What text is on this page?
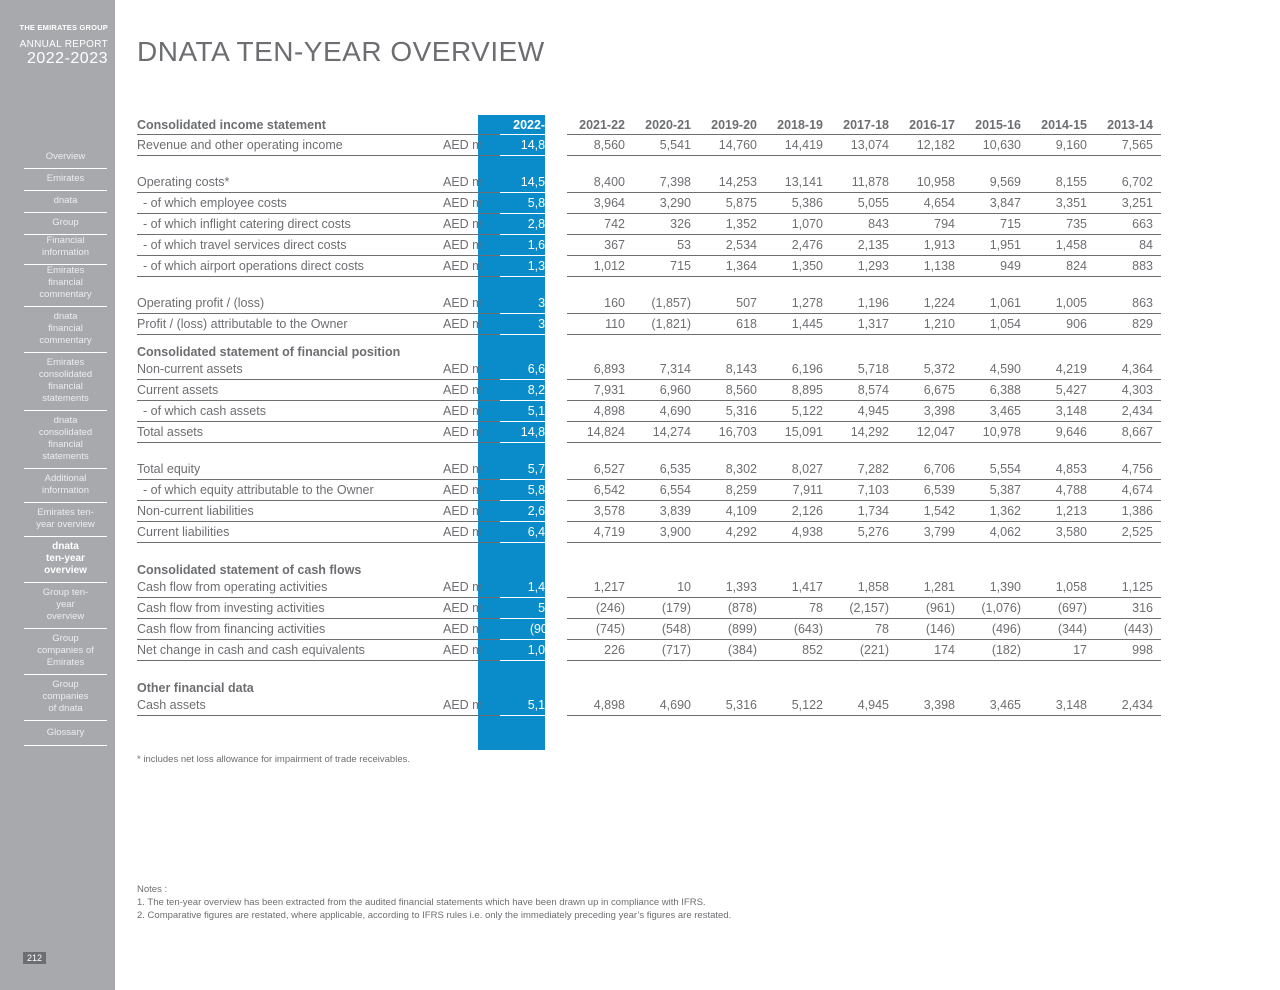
THE EMIRATES GROUP
ANNUAL REPORT
2022-2023
Overview
Emirates
dnata
Group
Financial information
Emirates financial commentary
dnata financial commentary
Emirates consolidated financial statements
dnata consolidated financial statements
Additional information
Emirates ten-year overview
dnata ten-year overview
Group ten-year overview
Group companies of Emirates
Group companies of dnata
Glossary
212
DNATA TEN-YEAR OVERVIEW
Consolidated income statement		2022-23	2021-22	2020-21	2019-20	2018-19	2017-18	2016-17	2015-16	2014-15	2013-14
Revenue and other operating income	AED m	14,899	8,560	5,541	14,760	14,419	13,074	12,182	10,630	9,160	7,565

Operating costs*	AED m	14,584	8,400	7,398	14,253	13,141	11,878	10,958	9,569	8,155	6,702
- of which employee costs	AED m	5,898	3,964	3,290	5,875	5,386	5,055	4,654	3,847	3,351	3,251
- of which inflight catering direct costs	AED m	2,878	742	326	1,352	1,070	843	794	715	735	663
- of which travel services direct costs	AED m	1,666	367	53	2,534	2,476	2,135	1,913	1,951	1,458	84
- of which airport operations direct costs	AED m	1,340	1,012	715	1,364	1,350	1,293	1,138	949	824	883

Operating profit / (loss)	AED m	315	160	(1,857)	507	1,278	1,196	1,224	1,061	1,005	863
Profit / (loss) attributable to the Owner	AED m	331	110	(1,821)	618	1,445	1,317	1,210	1,054	906	829
Consolidated statement of financial position											
Non-current assets	AED m	6,607	6,893	7,314	8,143	6,196	5,718	5,372	4,590	4,219	4,364
Current assets	AED m	8,283	7,931	6,960	8,560	8,895	8,574	6,675	6,388	5,427	4,303
- of which cash assets	AED m	5,128	4,898	4,690	5,316	5,122	4,945	3,398	3,465	3,148	2,434
Total assets	AED m	14,890	14,824	14,274	16,703	15,091	14,292	12,047	10,978	9,646	8,667

Total equity	AED m	5,754	6,527	6,535	8,302	8,027	7,282	6,706	5,554	4,853	4,756
- of which equity attributable to the Owner	AED m	5,806	6,542	6,554	8,259	7,911	7,103	6,539	5,387	4,788	4,674
Non-current liabilities	AED m	2,696	3,578	3,839	4,109	2,126	1,734	1,542	1,362	1,213	1,386
Current liabilities	AED m	6,440	4,719	3,900	4,292	4,938	5,276	3,799	4,062	3,580	2,525
Consolidated statement of cash flows											
Cash flow from operating activities	AED m	1,418	1,217	10	1,393	1,417	1,858	1,281	1,390	1,058	1,125
Cash flow from investing activities	AED m	528	(246)	(179)	(878)	78	(2,157)	(961)	(1,076)	(697)	316
Cash flow from financing activities	AED m	(906)	(745)	(548)	(899)	(643)	78	(146)	(496)	(344)	(443)
Net change in cash and cash equivalents	AED m	1,040	226	(717)	(384)	852	(221)	174	(182)	17	998
Other financial data											
Cash assets	AED m	5,128	4,898	4,690	5,316	5,122	4,945	3,398	3,465	3,148	2,434
* includes net loss allowance for impairment of trade receivables.
Notes :
1. The ten-year overview has been extracted from the audited financial statements which have been drawn up in compliance with IFRS.
2. Comparative figures are restated, where applicable, according to IFRS rules i.e. only the immediately preceding year’s figures are restated.
